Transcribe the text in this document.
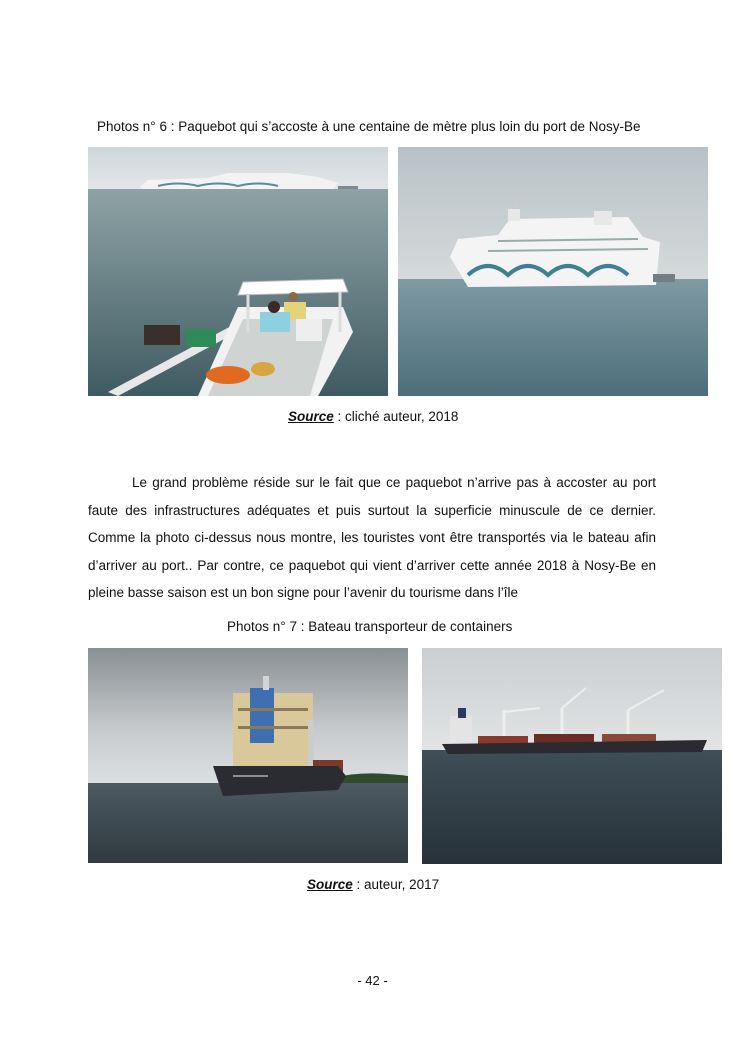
Photos n° 6 : Paquebot qui s’accoste à une centaine de mètre plus loin du port de Nosy-Be
Source : cliché auteur, 2018

Le grand problème réside sur le fait que ce paquebot n’arrive pas à accoster au port faute des infrastructures adéquates et puis surtout la superficie minuscule de ce dernier. Comme la photo ci-dessus nous montre, les touristes vont être transportés via le bateau afin d’arriver au port.. Par contre, ce paquebot qui vient d’arriver cette année 2018 à Nosy-Be en pleine basse saison est un bon signe pour l’avenir du tourisme dans l’île

Photos n° 7 : Bateau transporteur de containers
Source : auteur, 2017
- 42 -
